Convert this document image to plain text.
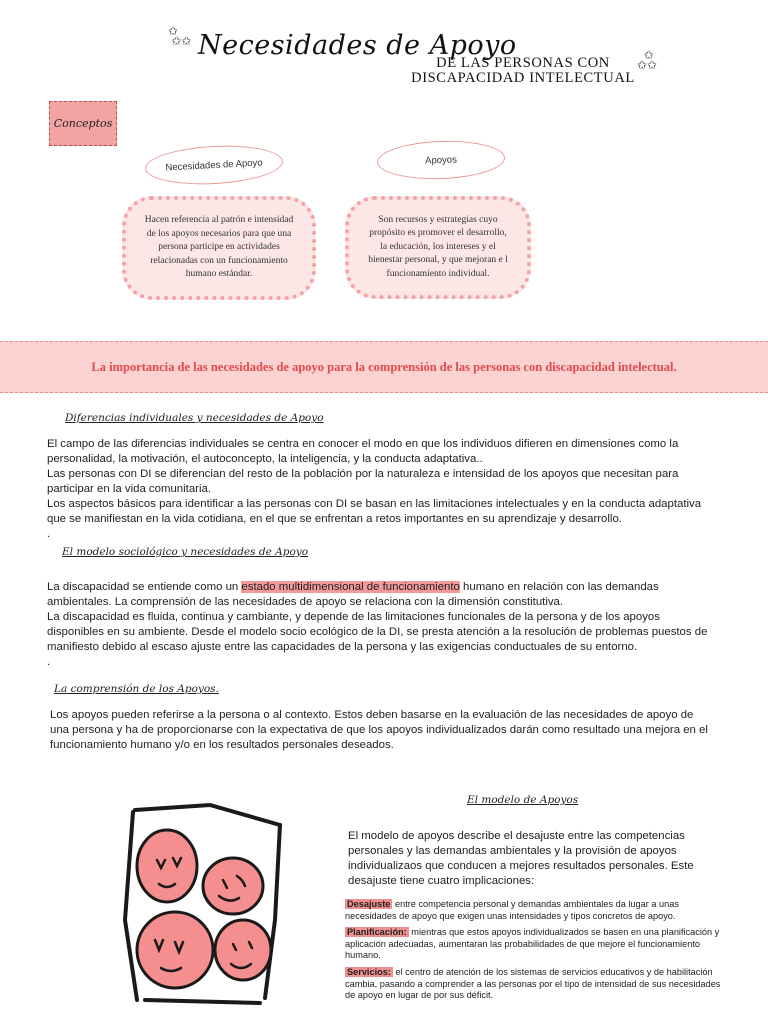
✩
✩✩ Necesidades de Apoyo
DE LAS PERSONAS CON
DISCAPACIDAD INTELECTUAL
✩
✩✩
Conceptos
Necesidades de Apoyo
Hacen referencia al patrón e intensidad de los apoyos necesarios para que una persona participe en actividades relacionadas con un funcionamiento humano estándar.
Apoyos
Son recursos y estrategias cuyo propósito es promover el desarrollo, la educación, los intereses y el bienestar personal, y que mejoran e l funcionamiento individual.
La importancia de las necesidades de apoyo para la comprensión de las personas con discapacidad intelectual.
Diferencias individuales y necesidades de Apoyo

El campo de las diferencias individuales se centra en conocer el modo en que los individuos difieren en dimensiones como la personalidad, la motivación, el autoconcepto, la inteligencia, y la conducta adaptativa..

Las personas con DI se diferencian del resto de la población por la naturaleza e intensidad de los apoyos que necesitan para participar en la vida comunitaria.

Los aspectos básicos para identificar a las personas con DI se basan en las limitaciones intelectuales y en la conducta adaptativa que se manifiestan en la vida cotidiana, en el que se enfrentan a retos importantes en su aprendizaje y desarrollo.

.

El modelo sociológico y necesidades de Apoyo

La discapacidad se entiende como un estado multidimensional de funcionamiento humano en relación con las demandas ambientales. La comprensión de las necesidades de apoyo se relaciona con la dimensión constitutiva.

La discapacidad es fluida, continua y cambiante, y depende de las limitaciones funcionales de la persona y de los apoyos disponibles en su ambiente. Desde el modelo socio ecológico de la DI, se presta atención a la resolución de problemas puestos de manifiesto debido al escaso ajuste entre las capacidades de la persona y las exigencias conductuales de su entorno.

.

La comprensión de los Apoyos.

Los apoyos pueden referirse a la persona o al contexto. Estos deben basarse en la evaluación de las necesidades de apoyo de una persona y ha de proporcionarse con la expectativa de que los apoyos individualizados darán como resultado una mejora en el funcionamiento humano y/o en los resultados personales deseados.

El modelo de Apoyos
El modelo de apoyos describe el desajuste entre las competencias personales y las demandas ambientales y la provisión de apoyos individualizaos que conducen a mejores resultados personales. Este desajuste tiene cuatro implicaciones:
Desajuste entre competencia personal y demandas ambientales da lugar a unas necesidades de apoyo que exigen unas intensidades y tipos concretos de apoyo.
Planificación: mientras que estos apoyos individualizados se basen en una planificación y aplicación adecuadas, aumentaran las probabilidades de que mejore el funcionamiento humano.
Servicios: el centro de atención de los sistemas de servicios educativos y de habilitación cambia, pasando a comprender a las personas por el tipo de intensidad de sus necesidades de apoyo en lugar de por sus déficit.
